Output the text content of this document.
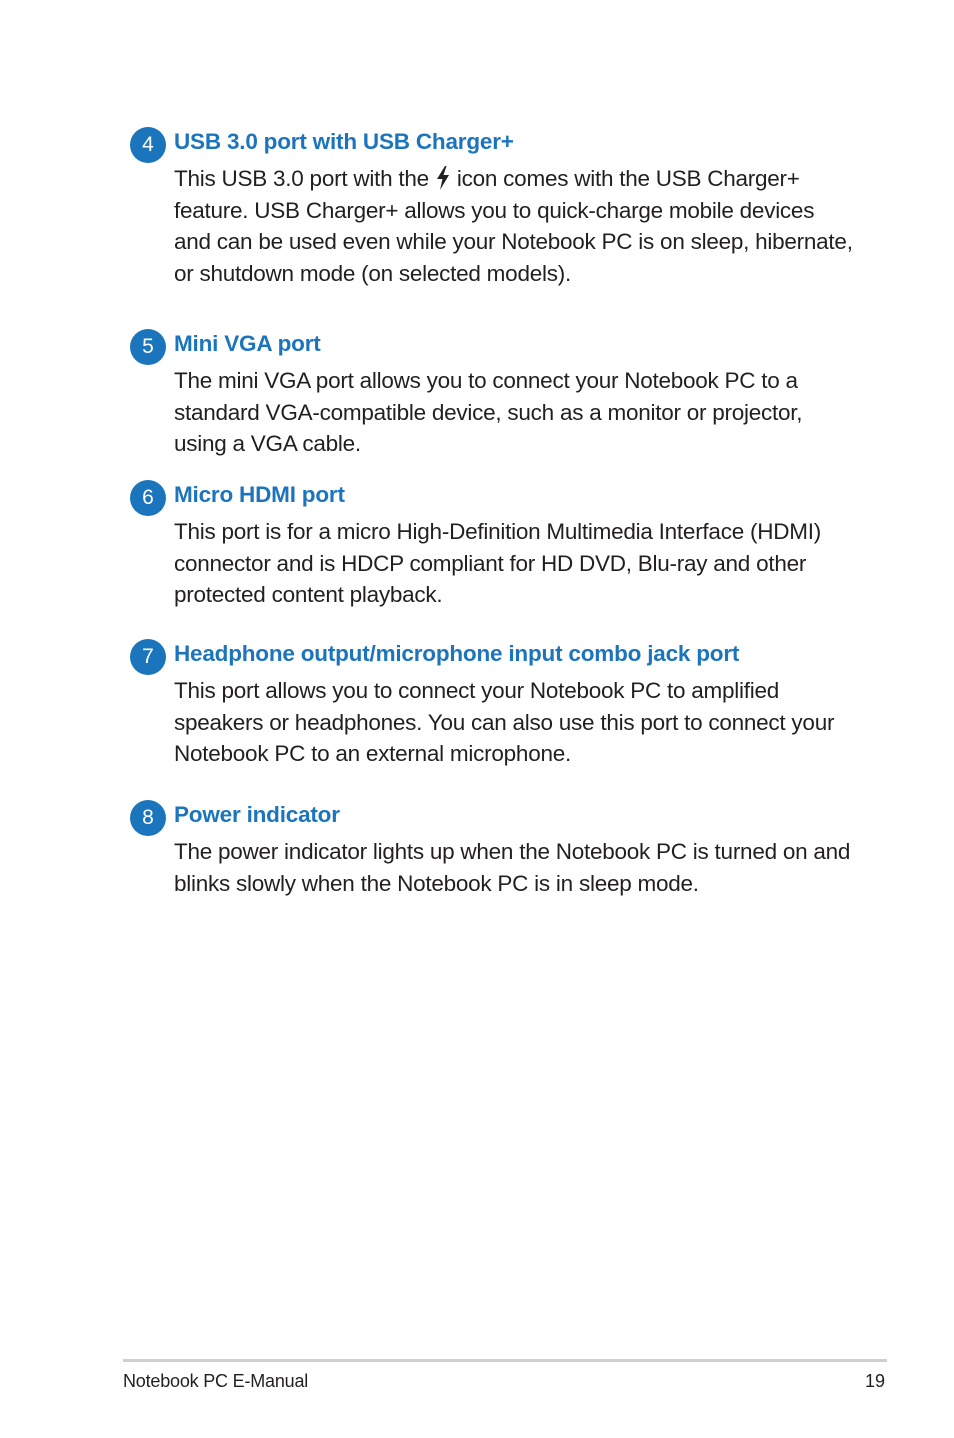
4 USB 3.0 port with USB Charger+

This USB 3.0 port with the icon comes with the USB Charger+ feature. USB Charger+ allows you to quick-charge mobile devices and can be used even while your Notebook PC is on sleep, hibernate, or shutdown mode (on selected models).

5 Mini VGA port

The mini VGA port allows you to connect your Notebook PC to a standard VGA-compatible device, such as a monitor or projector, using a VGA cable.

6 Micro HDMI port

This port is for a micro High-Definition Multimedia Interface (HDMI) connector and is HDCP compliant for HD DVD, Blu-ray and other protected content playback.

7 Headphone output/microphone input combo jack port

This port allows you to connect your Notebook PC to amplified speakers or headphones. You can also use this port to connect your Notebook PC to an external microphone.

8 Power indicator

The power indicator lights up when the Notebook PC is turned on and blinks slowly when the Notebook PC is in sleep mode.

Notebook PC E-Manual	19
